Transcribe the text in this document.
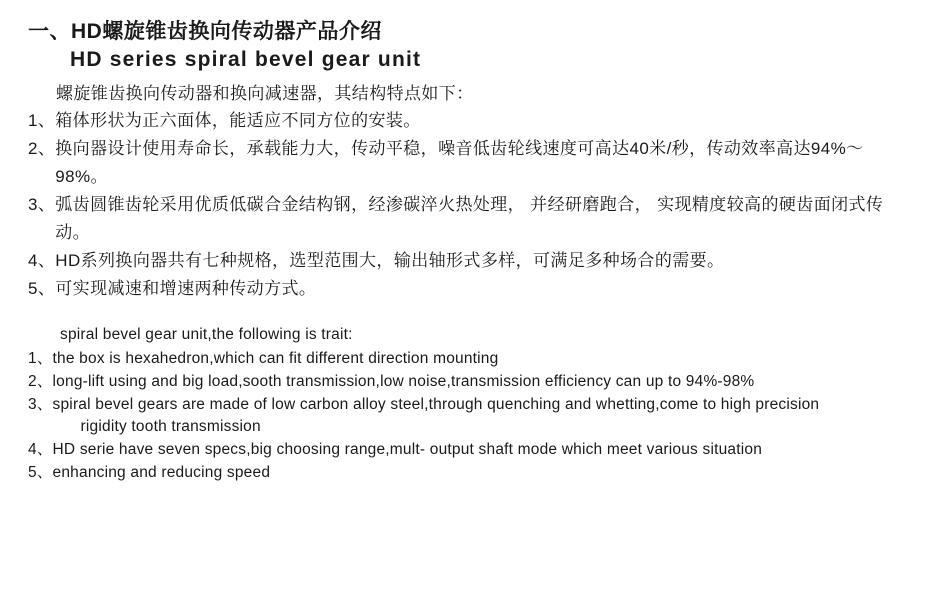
一、HD螺旋锥齿换向传动器产品介绍
HD series spiral bevel gear unit
螺旋锥齿换向传动器和换向减速器，其结构特点如下：
1、 箱体形状为正六面体，能适应不同方位的安装。
2、 换向器设计使用寿命长，承载能力大，传动平稳，噪音低齿轮线速度可高达40米/秒，传动效率高达94%～98%。
3、 弧齿圆锥齿轮采用优质低碳合金结构钢，经渗碳淬火热处理， 并经研磨跑合， 实现精度较高的硬齿面闭式传动。
4、 HD系列换向器共有七种规格，选型范围大，输出轴形式多样，可满足多种场合的需要。
5、 可实现减速和增速两种传动方式。
spiral bevel gear unit,the following is trait:
1、 the box is hexahedron,which can fit different direction mounting
2、 long-lift using and big load,sooth transmission,low noise,transmission efficiency can up to 94%-98%
3、 spiral bevel gears are made of low carbon alloy steel,through quenching and whetting,come to high precision
rigidity tooth transmission
4、 HD serie have seven specs,big choosing range,mult- output shaft mode which meet various situation
5、 enhancing and reducing speed
